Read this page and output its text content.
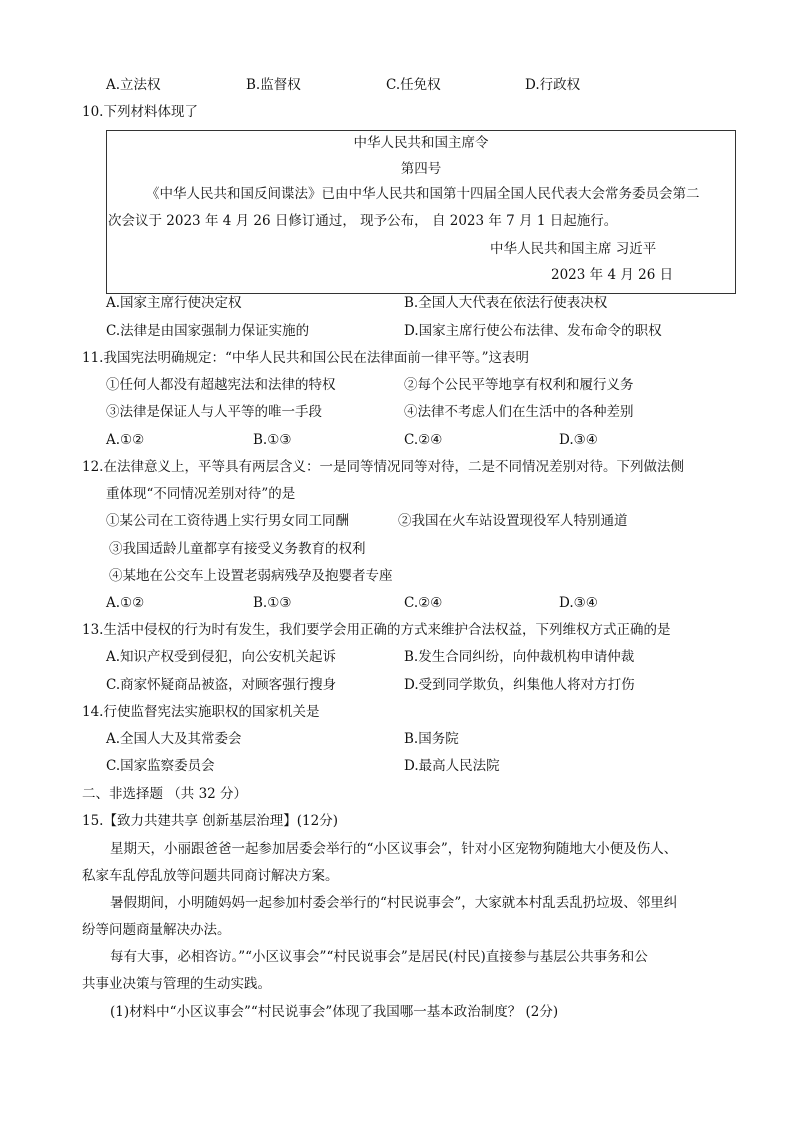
A.立法权	B.监督权	C.任免权	D.行政权
10.下列材料体现了
中华人民共和国主席令
第四号
《中华人民共和国反间谍法》已由中华人民共和国第十四届全国人民代表大会常务委员会第二
次会议于 2023 年 4 月 26 日修订通过， 现予公布， 自 2023 年 7 月 1 日起施行。
中华人民共和国主席 习近平
2023 年 4 月 26 日
A.国家主席行使决定权	B.全国人大代表在依法行使表决权
C.法律是由国家强制力保证实施的	D.国家主席行使公布法律、发布命令的职权
11.我国宪法明确规定：“中华人民共和国公民在法律面前一律平等。”这表明
①任何人都没有超越宪法和法律的特权	②每个公民平等地享有权利和履行义务
③法律是保证人与人平等的唯一手段	④法律不考虑人们在生活中的各种差别
A.①②	B.①③	C.②④	D.③④
12.在法律意义上，平等具有两层含义：一是同等情况同等对待，二是不同情况差别对待。下列做法侧
重体现“不同情况差别对待”的是
①某公司在工资待遇上实行男女同工同酬	②我国在火车站设置现役军人特别通道
③我国适龄儿童都享有接受义务教育的权利
④某地在公交车上设置老弱病残孕及抱婴者专座
A.①②	B.①③	C.②④	D.③④
13.生活中侵权的行为时有发生，我们要学会用正确的方式来维护合法权益，下列维权方式正确的是
A.知识产权受到侵犯，向公安机关起诉	B.发生合同纠纷，向仲裁机构申请仲裁
C.商家怀疑商品被盗，对顾客强行搜身	D.受到同学欺负，纠集他人将对方打伤
14.行使监督宪法实施职权的国家机关是
A.全国人大及其常委会	B.国务院
C.国家监察委员会	D.最高人民法院
二、非选择题 （共 32 分）
15.【致力共建共享 创新基层治理】(12分)
星期天，小丽跟爸爸一起参加居委会举行的“小区议事会”，针对小区宠物狗随地大小便及伤人、
私家车乱停乱放等问题共同商讨解决方案。
暑假期间，小明随妈妈一起参加村委会举行的“村民说事会”，大家就本村乱丢乱扔垃圾、邻里纠
纷等问题商量解决办法。
每有大事，必相咨访。”“小区议事会”“村民说事会”是居民(村民)直接参与基层公共事务和公
共事业决策与管理的生动实践。
(1)材料中“小区议事会”“村民说事会”体现了我国哪一基本政治制度？ (2分)
